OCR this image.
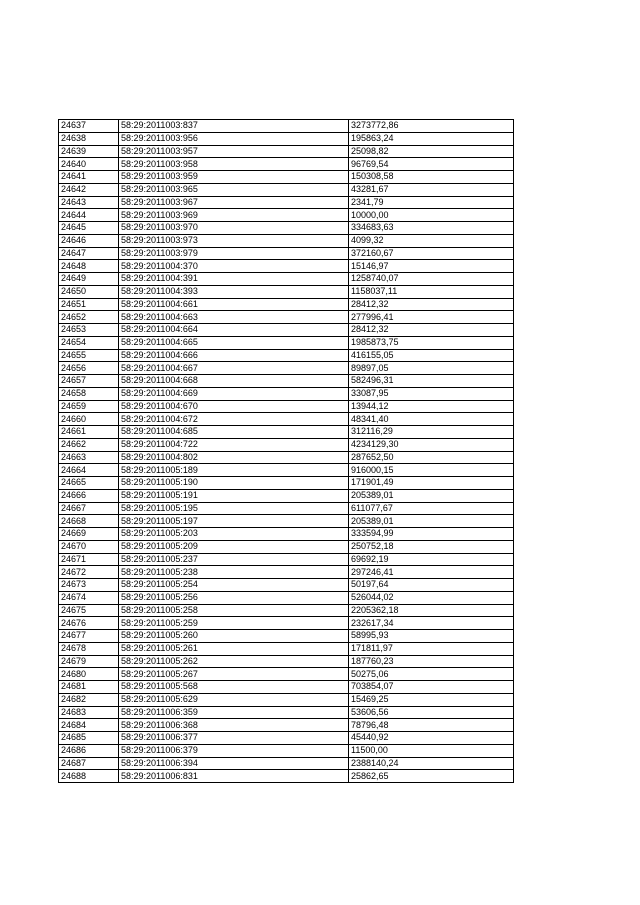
24637	58:29:2011003:837	3273772,86
24638	58:29:2011003:956	195863,24
24639	58:29:2011003:957	25098,82
24640	58:29:2011003:958	96769,54
24641	58:29:2011003:959	150308,58
24642	58:29:2011003:965	43281,67
24643	58:29:2011003:967	2341,79
24644	58:29:2011003:969	10000,00
24645	58:29:2011003:970	334683,63
24646	58:29:2011003:973	4099,32
24647	58:29:2011003:979	372160,67
24648	58:29:2011004:370	15146,97
24649	58:29:2011004:391	1258740,07
24650	58:29:2011004:393	1158037,11
24651	58:29:2011004:661	28412,32
24652	58:29:2011004:663	277996,41
24653	58:29:2011004:664	28412,32
24654	58:29:2011004:665	1985873,75
24655	58:29:2011004:666	416155,05
24656	58:29:2011004:667	89897,05
24657	58:29:2011004:668	582496,31
24658	58:29:2011004:669	33087,95
24659	58:29:2011004:670	13944,12
24660	58:29:2011004:672	48341,40
24661	58:29:2011004:685	312116,29
24662	58:29:2011004:722	4234129,30
24663	58:29:2011004:802	287652,50
24664	58:29:2011005:189	916000,15
24665	58:29:2011005:190	171901,49
24666	58:29:2011005:191	205389,01
24667	58:29:2011005:195	611077,67
24668	58:29:2011005:197	205389,01
24669	58:29:2011005:203	333594,99
24670	58:29:2011005:209	250752,18
24671	58:29:2011005:237	69692,19
24672	58:29:2011005:238	297246,41
24673	58:29:2011005:254	50197,64
24674	58:29:2011005:256	526044,02
24675	58:29:2011005:258	2205362,18
24676	58:29:2011005:259	232617,34
24677	58:29:2011005:260	58995,93
24678	58:29:2011005:261	171811,97
24679	58:29:2011005:262	187760,23
24680	58:29:2011005:267	50275,06
24681	58:29:2011005:568	703854,07
24682	58:29:2011005:629	15469,25
24683	58:29:2011006:359	53606,56
24684	58:29:2011006:368	78796,48
24685	58:29:2011006:377	45440,92
24686	58:29:2011006:379	11500,00
24687	58:29:2011006:394	2388140,24
24688	58:29:2011006:831	25862,65
